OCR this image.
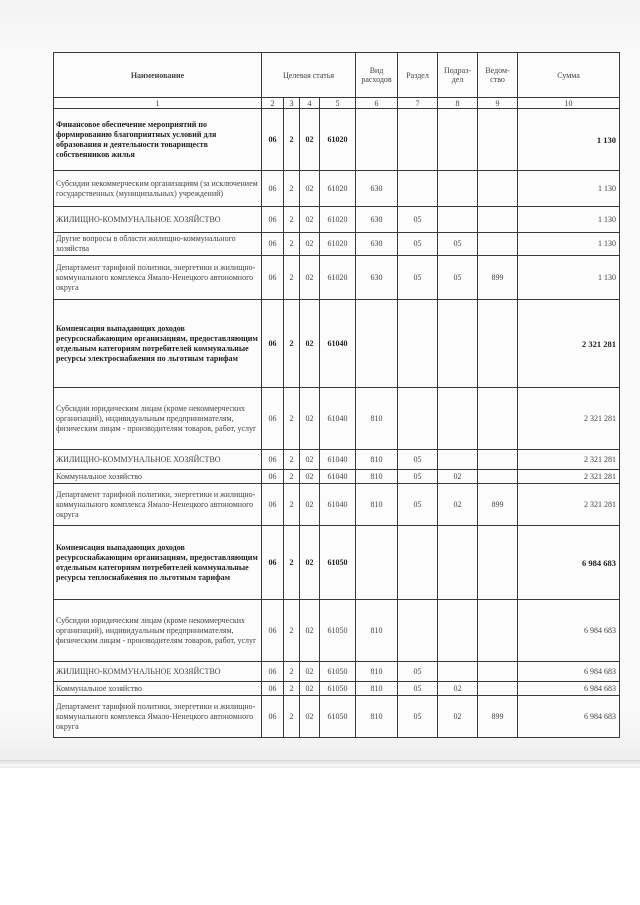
Наименование	Целевая статья				Вид расходов	Раздел	Подраз-дел	Ведом-ство	Сумма
1	2	3	4	5	6	7	8	9	10
Финансовое обеспечение мероприятий по формированию благоприятных условий для образования и деятельности товариществ собственников жилья	06	2	02	61020					1 130
Субсидии некоммерческим организациям (за исключением государственных (муниципальных) учреждений)	06	2	02	61020	630				1 130
ЖИЛИЩНО-КОММУНАЛЬНОЕ ХОЗЯЙСТВО	06	2	02	61020	630	05			1 130
Другие вопросы в области жилищно-коммунального хозяйства	06	2	02	61020	630	05	05		1 130
Департамент тарифной политики, энергетики и жилищно-коммунального комплекса Ямало-Ненецкого автономного округа	06	2	02	61020	630	05	05	899	1 130
Компенсация выпадающих доходов ресурсоснабжающим организациям, предоставляющим отдельным категориям потребителей коммунальные ресурсы электроснабжения по льготным тарифам	06	2	02	61040					2 321 281
Субсидии юридическим лицам (кроме некоммерческих организаций), индивидуальным предпринимателям, физическим лицам - производителям товаров, работ, услуг	06	2	02	61040	810				2 321 281
ЖИЛИЩНО-КОММУНАЛЬНОЕ ХОЗЯЙСТВО	06	2	02	61040	810	05			2 321 281
Коммунальное хозяйство	06	2	02	61040	810	05	02		2 321 281
Департамент тарифной политики, энергетики и жилищно-коммунального комплекса Ямало-Ненецкого автономного округа	06	2	02	61040	810	05	02	899	2 321 281
Компенсация выпадающих доходов ресурсоснабжающим организациям, предоставляющим отдельным категориям потребителей коммунальные ресурсы теплоснабжения по льготным тарифам	06	2	02	61050					6 984 683
Субсидии юридическим лицам (кроме некоммерческих организаций), индивидуальным предпринимателям, физическим лицам - производителям товаров, работ, услуг	06	2	02	61050	810				6 984 683
ЖИЛИЩНО-КОММУНАЛЬНОЕ ХОЗЯЙСТВО	06	2	02	61050	810	05			6 984 683
Коммунальное хозяйство	06	2	02	61050	810	05	02		6 984 683
Департамент тарифной политики, энергетики и жилищно-коммунального комплекса Ямало-Ненецкого автономного округа	06	2	02	61050	810	05	02	899	6 984 683
